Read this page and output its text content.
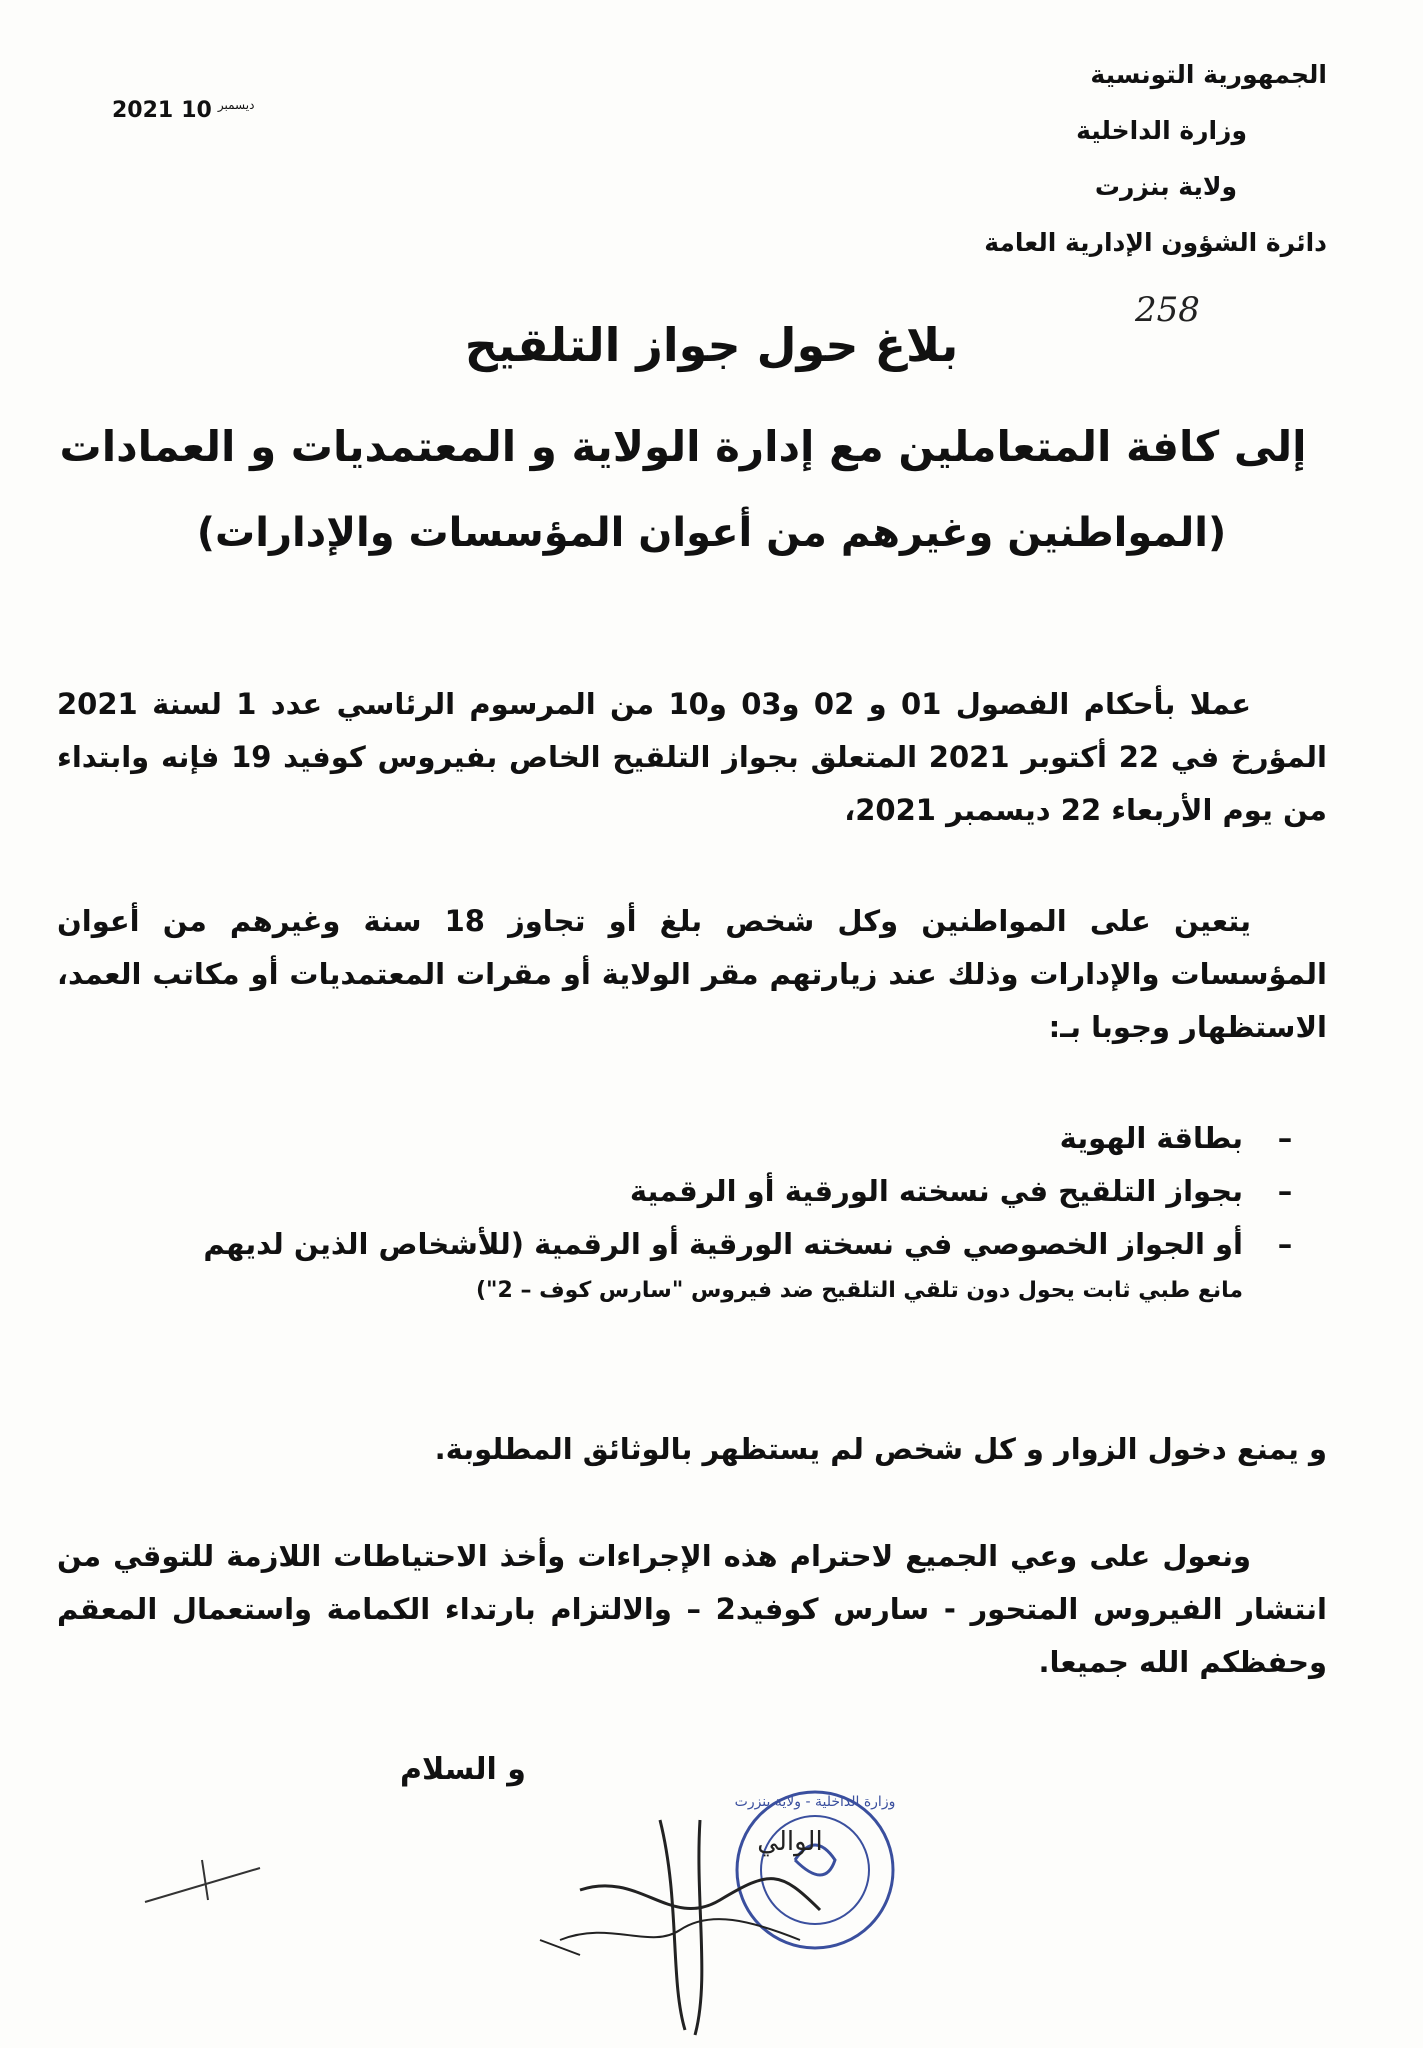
2021	$^{ديسمبر}$10
الجمهورية التونسية
وزارة الداخلية
ولاية بنزرت
دائرة الشؤون الإدارية العامة
258
بلاغ حول جواز التلقيح
إلى كافة المتعاملين مع إدارة الولاية و المعتمديات و العمادات
(المواطنين وغيرهم من أعوان المؤسسات والإدارات)
عملا بأحكام الفصول 01 و 02 و03 و10 من المرسوم الرئاسي عدد 1 لسنة 2021 المؤرخ في 22 أكتوبر 2021 المتعلق بجواز التلقيح الخاص بفيروس كوفيد 19 فإنه وابتداء من يوم الأربعاء 22 ديسمبر 2021،
يتعين على المواطنين وكل شخص بلغ أو تجاوز 18 سنة وغيرهم من أعوان المؤسسات والإدارات وذلك عند زيارتهم مقر الولاية أو مقرات المعتمديات أو مكاتب العمد، الاستظهار وجوبا بـ:
–
بطاقة الهوية
–
بجواز التلقيح في نسخته الورقية أو الرقمية
–
أو الجواز الخصوصي في نسخته الورقية أو الرقمية (للأشخاص الذين لديهم
مانع طبي ثابت يحول دون تلقي التلقيح ضد فيروس "سارس كوف – 2")
و يمنع دخول الزوار و كل شخص لم يستظهر بالوثائق المطلوبة.
ونعول على وعي الجميع لاحترام هذه الإجراءات وأخذ الاحتياطات اللازمة للتوقي من انتشار الفيروس المتحور - سارس كوفيد2 – والالتزام بارتداء الكمامة واستعمال المعقم وحفظكم الله جميعا.
و السلام
وزارة الداخلية - ولاية بنزرت
الوالي
